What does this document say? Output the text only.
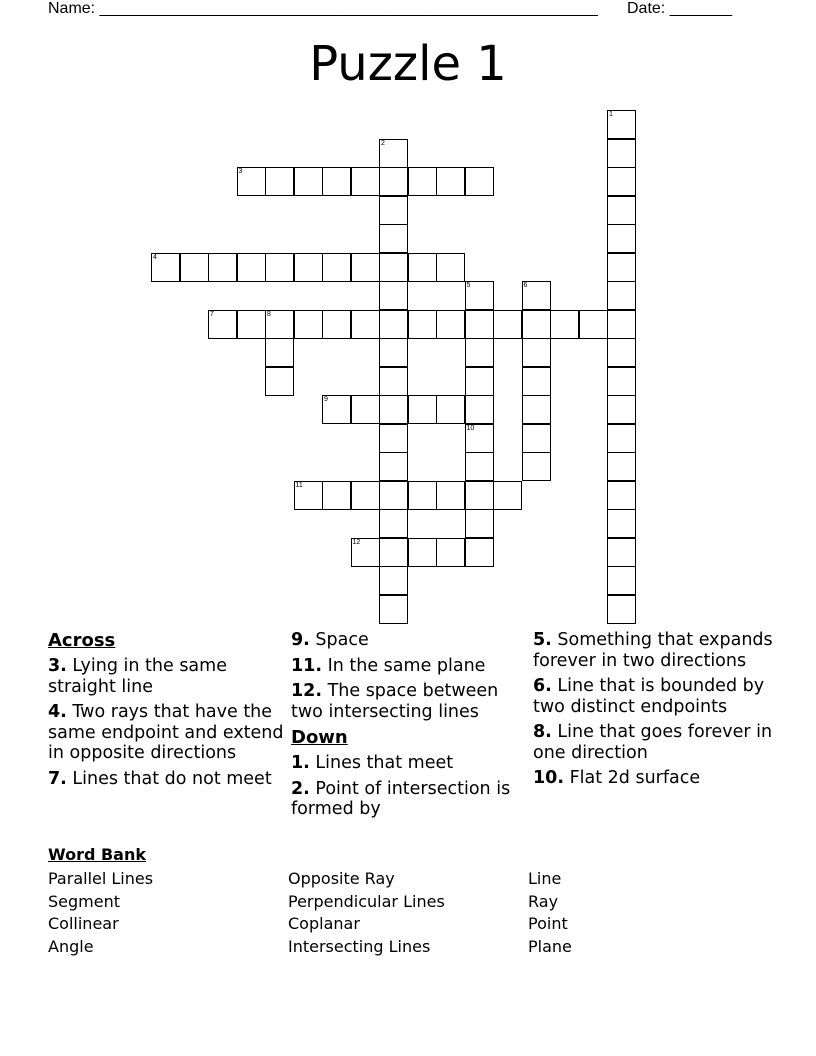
Name: ________________________________________________________ Date: _______
Puzzle 1
1
2
3
4
5
10
6
7	8
9
11
12
Across
3. Lying in the same straight line
4. Two rays that have the same endpoint and extend in opposite directions
7. Lines that do not meet
9. Space
11. In the same plane
12. The space between two intersecting lines
Down
1. Lines that meet
2. Point of intersection is formed by
5. Something that expands forever in two directions
6. Line that is bounded by two distinct endpoints
8. Line that goes forever in one direction
10. Flat 2d surface
Word Bank
Parallel Lines
Segment
Collinear
Angle
Opposite Ray
Perpendicular Lines
Coplanar
Intersecting Lines
Line
Ray
Point
Plane
